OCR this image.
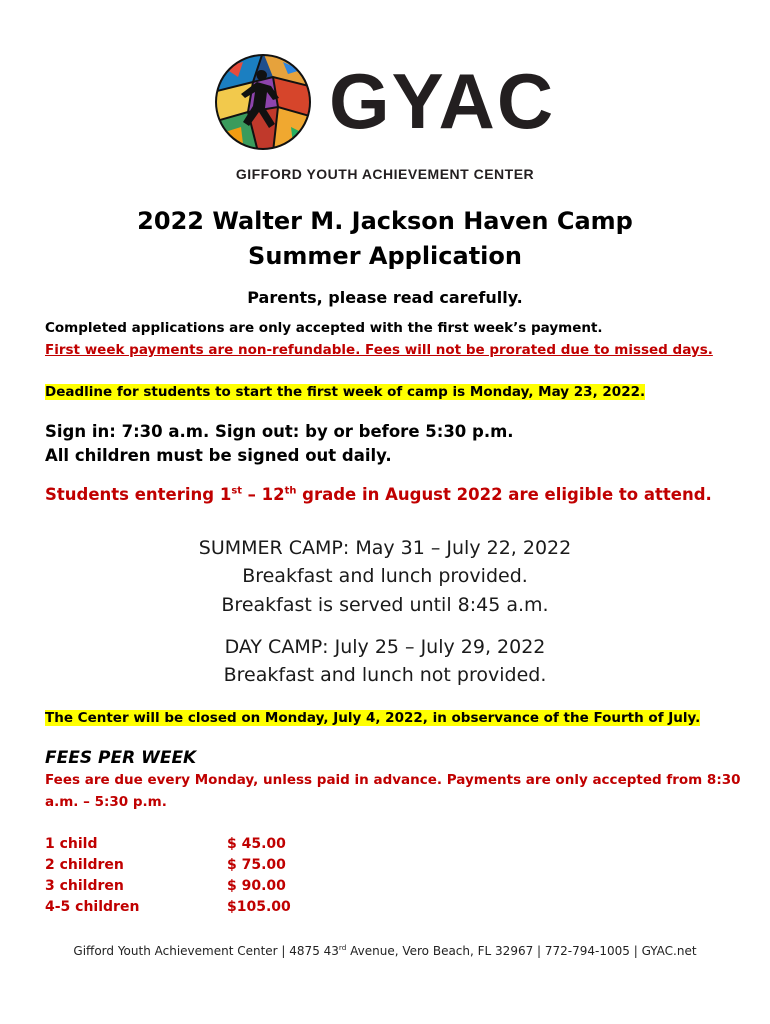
GYAC
GIFFORD YOUTH ACHIEVEMENT CENTER
2022 Walter M. Jackson Haven Camp
Summer Application
Parents, please read carefully.
Completed applications are only accepted with the first week’s payment.
First week payments are non-refundable. Fees will not be prorated due to missed days.
Deadline for students to start the first week of camp is Monday, May 23, 2022.
Sign in: 7:30 a.m. Sign out: by or before 5:30 p.m.
All children must be signed out daily.
Students entering 1st – 12th grade in August 2022 are eligible to attend.
SUMMER CAMP: May 31 – July 22, 2022
Breakfast and lunch provided.
Breakfast is served until 8:45 a.m.
DAY CAMP: July 25 – July 29, 2022
Breakfast and lunch not provided.
The Center will be closed on Monday, July 4, 2022, in observance of the Fourth of July.
FEES PER WEEK
Fees are due every Monday, unless paid in advance. Payments are only accepted from 8:30
a.m. – 5:30 p.m.
1 child	$ 45.00
2 children	$ 75.00
3 children	$ 90.00
4-5 children	$105.00
Gifford Youth Achievement Center | 4875 43rd Avenue, Vero Beach, FL 32967 | 772-794-1005 | GYAC.net
